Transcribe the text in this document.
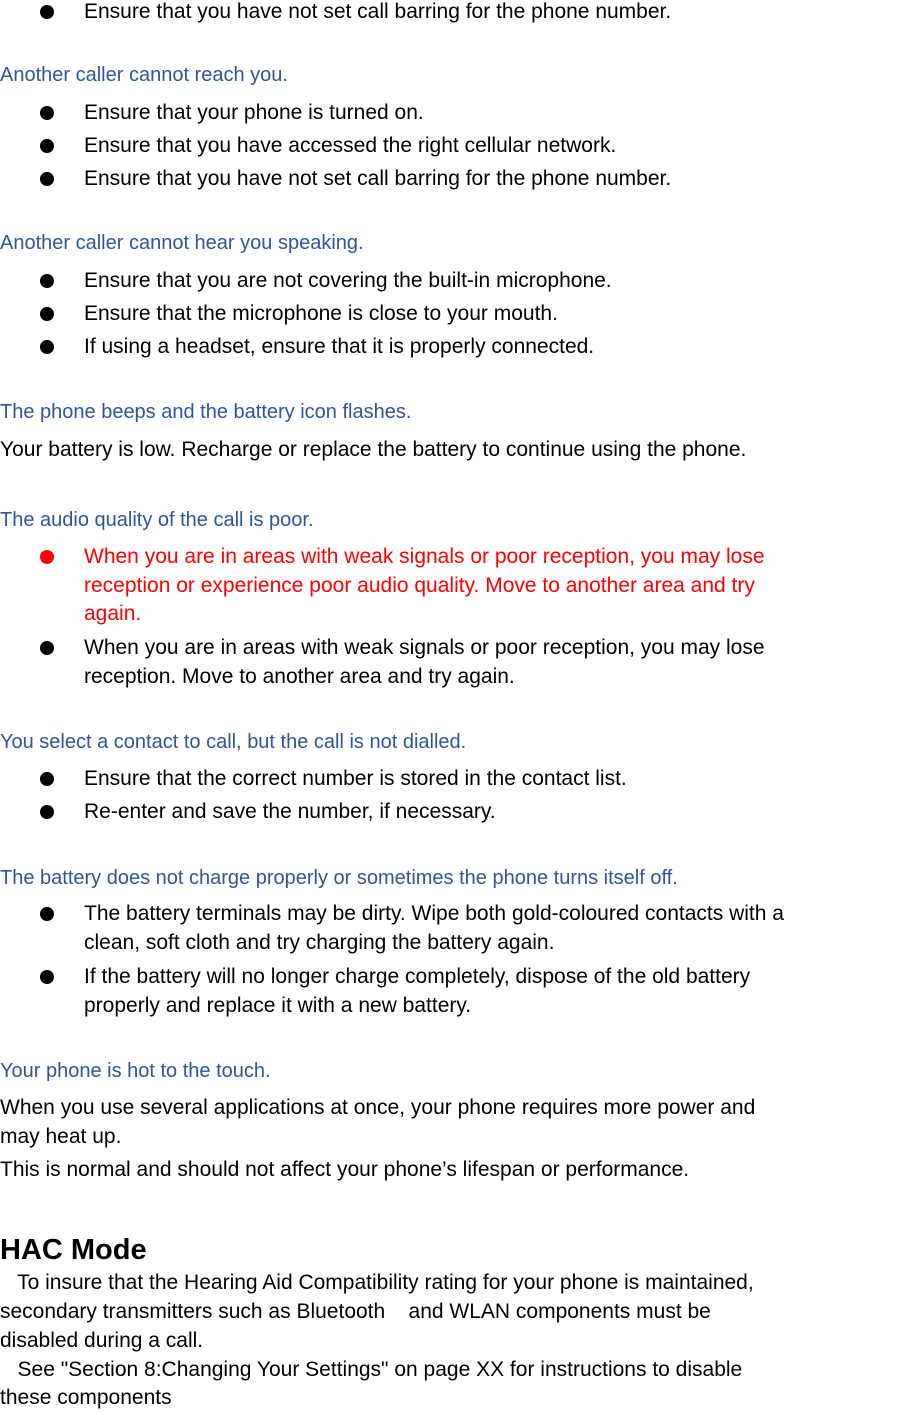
Ensure that you have not set call barring for the phone number.
Another caller cannot reach you.
Ensure that your phone is turned on.
Ensure that you have accessed the right cellular network.
Ensure that you have not set call barring for the phone number.
Another caller cannot hear you speaking.
Ensure that you are not covering the built-in microphone.
Ensure that the microphone is close to your mouth.
If using a headset, ensure that it is properly connected.
The phone beeps and the battery icon flashes.
Your battery is low. Recharge or replace the battery to continue using the phone.
The audio quality of the call is poor.
When you are in areas with weak signals or poor reception, you may lose
reception or experience poor audio quality. Move to another area and try
again.
When you are in areas with weak signals or poor reception, you may lose
reception. Move to another area and try again.
You select a contact to call, but the call is not dialled.
Ensure that the correct number is stored in the contact list.
Re-enter and save the number, if necessary.
The battery does not charge properly or sometimes the phone turns itself off.
The battery terminals may be dirty. Wipe both gold-coloured contacts with a
clean, soft cloth and try charging the battery again.
If the battery will no longer charge completely, dispose of the old battery
properly and replace it with a new battery.
Your phone is hot to the touch.
When you use several applications at once, your phone requires more power and
may heat up.
This is normal and should not affect your phone’s lifespan or performance.
HAC Mode
To insure that the Hearing Aid Compatibility rating for your phone is maintained,
secondary transmitters such as Bluetooth    and WLAN components must be
disabled during a call.
See "Section 8:Changing Your Settings" on page XX for instructions to disable
these components
